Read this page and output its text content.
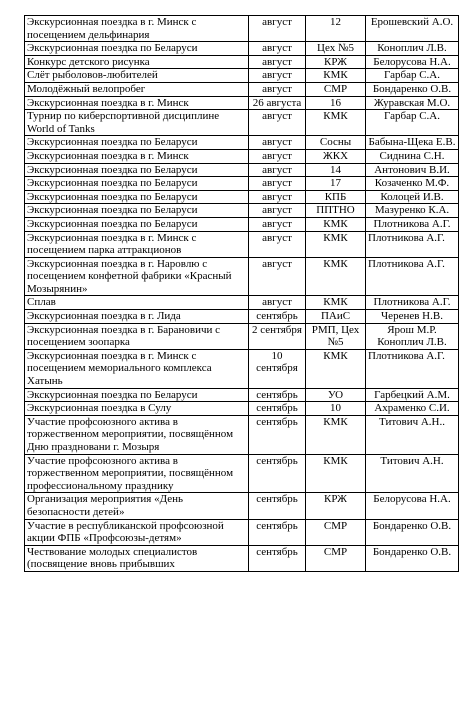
Экскурсионная поездка в г. Минск с посещением дельфинария	август	12	Ерошевский А.О.
Экскурсионная поездка по Беларуси	август	Цех №5	Коноплич Л.В.
Конкурс детского рисунка	август	КРЖ	Белорусова Н.А.
Слёт рыболовов-любителей	август	КМК	Гарбар С.А.
Молодёжный велопробег	август	СМР	Бондаренко О.В.
Экскурсионная поездка в г. Минск	26 августа	16	Журавская М.О.
Турнир по киберспортивной дисциплине World of Tanks	август	КМК	Гарбар С.А.
Экскурсионная поездка по Беларуси	август	Сосны	Бабына-Щека Е.В.
Экскурсионная поездка в г. Минск	август	ЖКХ	Сиднина С.Н.
Экскурсионная поездка по Беларуси	август	14	Антонович В.И.
Экскурсионная поездка по Беларуси	август	17	Козаченко М.Ф.
Экскурсионная поездка по Беларуси	август	КПБ	Колоцей И.В.
Экскурсионная поездка по Беларуси	август	ППТНО	Мазуренко К.А.
Экскурсионная поездка по Беларуси	август	КМК	Плотникова А.Г.
Экскурсионная поездка в г. Минск с посещением парка аттракционов	август	КМК	Плотникова А.Г.
Экскурсионная поездка в г. Наровлю с посещением конфетной фабрики «Красный Мозырянин»	август	КМК	Плотникова А.Г.
Сплав	август	КМК	Плотникова А.Г.
Экскурсионная поездка в г. Лида	сентябрь	ПАиС	Черенев Н.В.
Экскурсионная поездка в г. Барановичи с посещением зоопарка	2 сентября	РМП, Цех №5	Ярош М.Р. Коноплич Л.В.
Экскурсионная поездка в г. Минск с посещением мемориального комплекса Хатынь	10 сентября	КМК	Плотникова А.Г.
Экскурсионная поездка по Беларуси	сентябрь	УО	Гарбецкий А.М.
Экскурсионная поездка в Сулу	сентябрь	10	Ахраменко С.И.
Участие профсоюзного актива в торжественном мероприятии, посвящённом Дню праздновани г. Мозыря	сентябрь	КМК	Титович А.Н..
Участие профсоюзного актива в торжественном мероприятии, посвящённом профессиональному празднику	сентябрь	КМК	Титович А.Н.
Организация мероприятия «День безопасности детей»	сентябрь	КРЖ	Белорусова Н.А.
Участие в республиканской профсоюзной акции ФПБ «Профсоюзы-детям»	сентябрь	СМР	Бондаренко О.В.
Чествование молодых специалистов (посвящение вновь прибывших	сентябрь	СМР	Бондаренко О.В.
